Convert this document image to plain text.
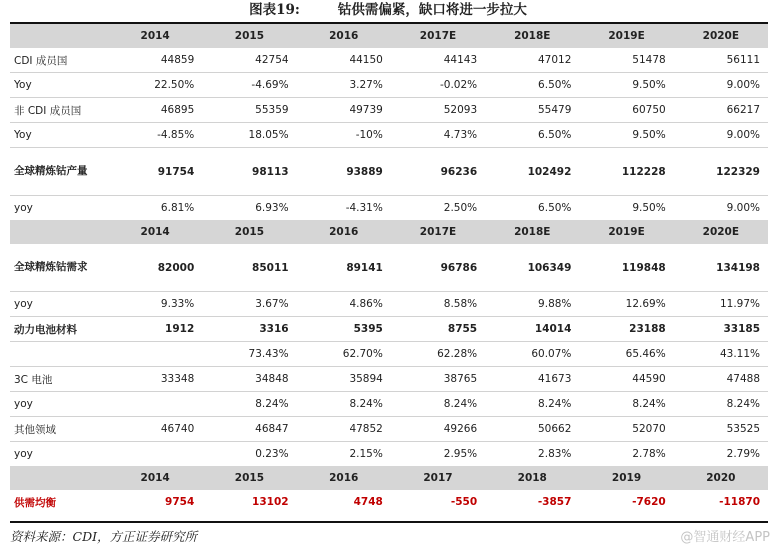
图表19:	钴供需偏紧，缺口将进一步拉大
	2014	2015	2016	2017E	2018E	2019E	2020E
CDI 成员国	44859	42754	44150	44143	47012	51478	56111
Yoy	22.50%	-4.69%	3.27%	-0.02%	6.50%	9.50%	9.00%
非 CDI 成员国	46895	55359	49739	52093	55479	60750	66217
Yoy	-4.85%	18.05%	-10%	4.73%	6.50%	9.50%	9.00%
全球精炼钴产量	91754	98113	93889	96236	102492	112228	122329
yoy	6.81%	6.93%	-4.31%	2.50%	6.50%	9.50%	9.00%
	2014	2015	2016	2017E	2018E	2019E	2020E
全球精炼钴需求	82000	85011	89141	96786	106349	119848	134198
yoy	9.33%	3.67%	4.86%	8.58%	9.88%	12.69%	11.97%
动力电池材料	1912	3316	5395	8755	14014	23188	33185
		73.43%	62.70%	62.28%	60.07%	65.46%	43.11%
3C 电池	33348	34848	35894	38765	41673	44590	47488
yoy		8.24%	8.24%	8.24%	8.24%	8.24%	8.24%
其他领域	46740	46847	47852	49266	50662	52070	53525
yoy		0.23%	2.15%	2.95%	2.83%	2.78%	2.79%
	2014	2015	2016	2017	2018	2019	2020
供需均衡	9754	13102	4748	-550	-3857	-7620	-11870
资料来源：CDI，方正证券研究所	@智通财经APP
